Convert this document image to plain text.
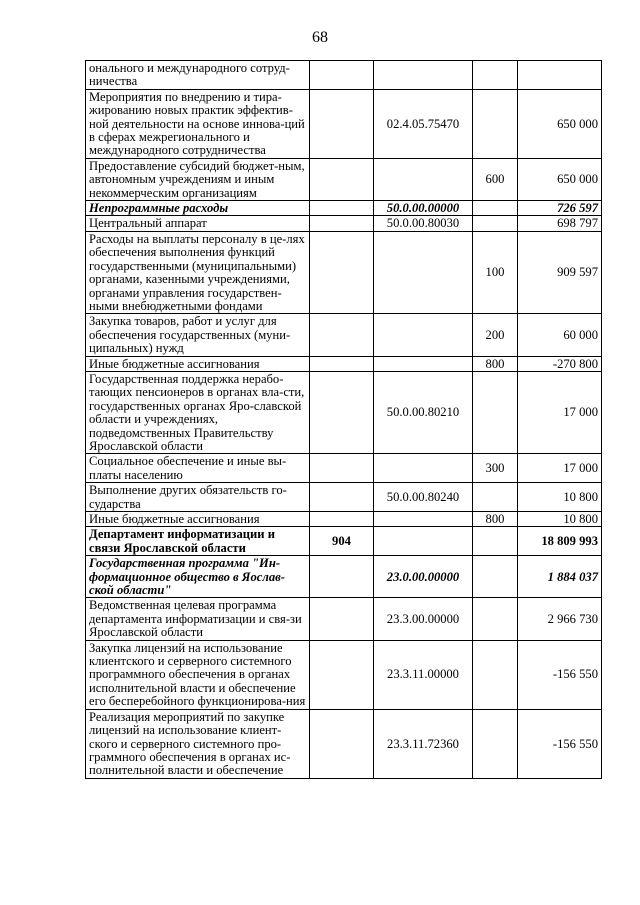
68
онального и международного сотруд-ничества				
Мероприятия по внедрению и тира-жированию новых практик эффектив-ной деятельности на основе иннова-ций в сферах межрегионального и международного сотрудничества		02.4.05.75470		650 000
Предоставление субсидий бюджет-ным, автономным учреждениям и иным некоммерческим организациям			600	650 000
Непрограммные расходы		50.0.00.00000		726 597
Центральный аппарат		50.0.00.80030		698 797
Расходы на выплаты персоналу в це-лях обеспечения выполнения функций государственными (муниципальными) органами, казенными учреждениями, органами управления государствен-ными внебюджетными фондами			100	909 597
Закупка товаров, работ и услуг для обеспечения государственных (муни-ципальных) нужд			200	60 000
Иные бюджетные ассигнования			800	-270 800
Государственная поддержка нерабо-тающих пенсионеров в органах вла-сти, государственных органах Яро-славской области и учреждениях, подведомственных Правительству Ярославской области		50.0.00.80210		17 000
Социальное обеспечение и иные вы-платы населению			300	17 000
Выполнение других обязательств го-сударства		50.0.00.80240		10 800
Иные бюджетные ассигнования			800	10 800
Департамент информатизации и связи Ярославской области	904			18 809 993
Государственная программа "Ин-формационное общество в Яослав-ской области"		23.0.00.00000		1 884 037
Ведомственная целевая программа департамента информатизации и свя-зи Ярославской области		23.3.00.00000		2 966 730
Закупка лицензий на использование клиентского и серверного системного программного обеспечения в органах исполнительной власти и обеспечение его бесперебойного функционирова-ния		23.3.11.00000		-156 550
Реализация мероприятий по закупке лицензий на использование клиент-ского и серверного системного про-граммного обеспечения в органах ис-полнительной власти и обеспечение		23.3.11.72360		-156 550
